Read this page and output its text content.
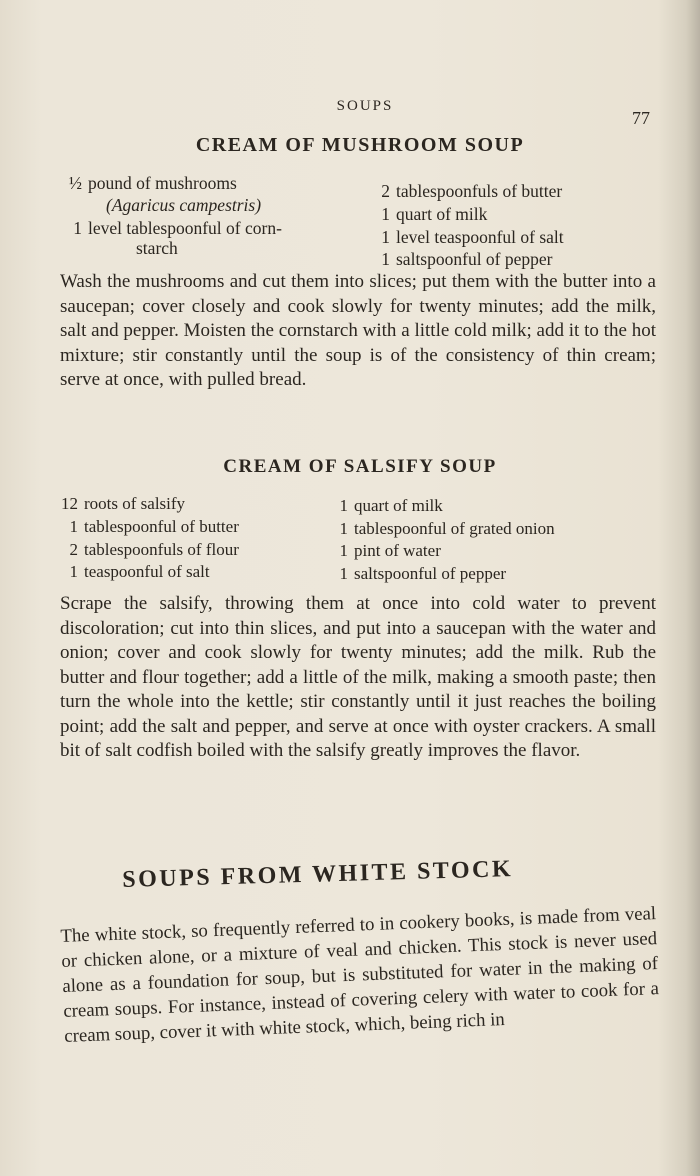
SOUPS
77
CREAM OF MUSHROOM SOUP
½ pound of mushrooms
(Agaricus campestris)
1 level tablespoonful of corn-
starch
2 tablespoonfuls of butter
1 quart of milk
1 level teaspoonful of salt
1 saltspoonful of pepper
Wash the mushrooms and cut them into slices; put them with the butter into a saucepan; cover closely and cook slowly for twenty minutes; add the milk, salt and pepper. Moisten the cornstarch with a little cold milk; add it to the hot mixture; stir constantly until the soup is of the consistency of thin cream; serve at once, with pulled bread.
CREAM OF SALSIFY SOUP
12 roots of salsify
1 tablespoonful of butter
2 tablespoonfuls of flour
1 teaspoonful of salt
1 quart of milk
1 tablespoonful of grated onion
1 pint of water
1 saltspoonful of pepper
Scrape the salsify, throwing them at once into cold water to prevent discoloration; cut into thin slices, and put into a saucepan with the water and onion; cover and cook slowly for twenty minutes; add the milk. Rub the butter and flour together; add a little of the milk, making a smooth paste; then turn the whole into the kettle; stir constantly until it just reaches the boiling point; add the salt and pepper, and serve at once with oyster crackers. A small bit of salt codfish boiled with the salsify greatly improves the flavor.
SOUPS FROM WHITE STOCK
The white stock, so frequently referred to in cookery books, is made from veal or chicken alone, or a mixture of veal and chicken. This stock is never used alone as a foundation for soup, but is substituted for water in the making of cream soups. For instance, instead of covering celery with water to cook for a cream soup, cover it with white stock, which, being rich in
